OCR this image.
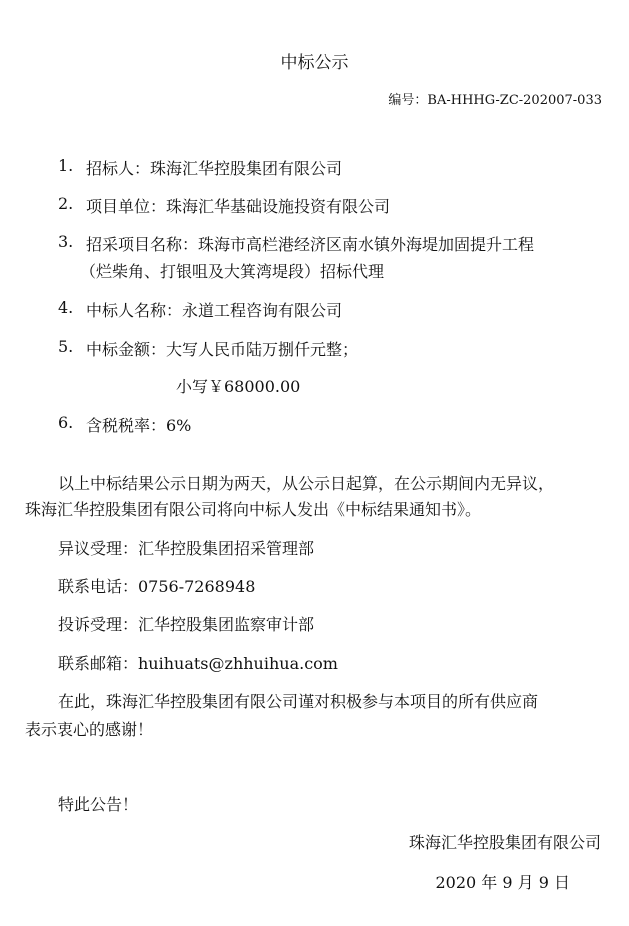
中标公示
编号：BA-HHHG-ZC-202007-033
1. 招标人：珠海汇华控股集团有限公司
2. 项目单位：珠海汇华基础设施投资有限公司
3. 招采项目名称：珠海市高栏港经济区南水镇外海堤加固提升工程
（烂柴角、打银咀及大箕湾堤段）招标代理
4. 中标人名称：永道工程咨询有限公司
5. 中标金额：大写人民币陆万捌仟元整；
小写￥68000.00
6. 含税税率：6%
以上中标结果公示日期为两天，从公示日起算，在公示期间内无异议，
珠海汇华控股集团有限公司将向中标人发出《中标结果通知书》。
异议受理：汇华控股集团招采管理部
联系电话：0756-7268948
投诉受理：汇华控股集团监察审计部
联系邮箱：huihuats@zhhuihua.com
在此，珠海汇华控股集团有限公司谨对积极参与本项目的所有供应商
表示衷心的感谢！
特此公告！
珠海汇华控股集团有限公司
2020 年 9 月 9 日
